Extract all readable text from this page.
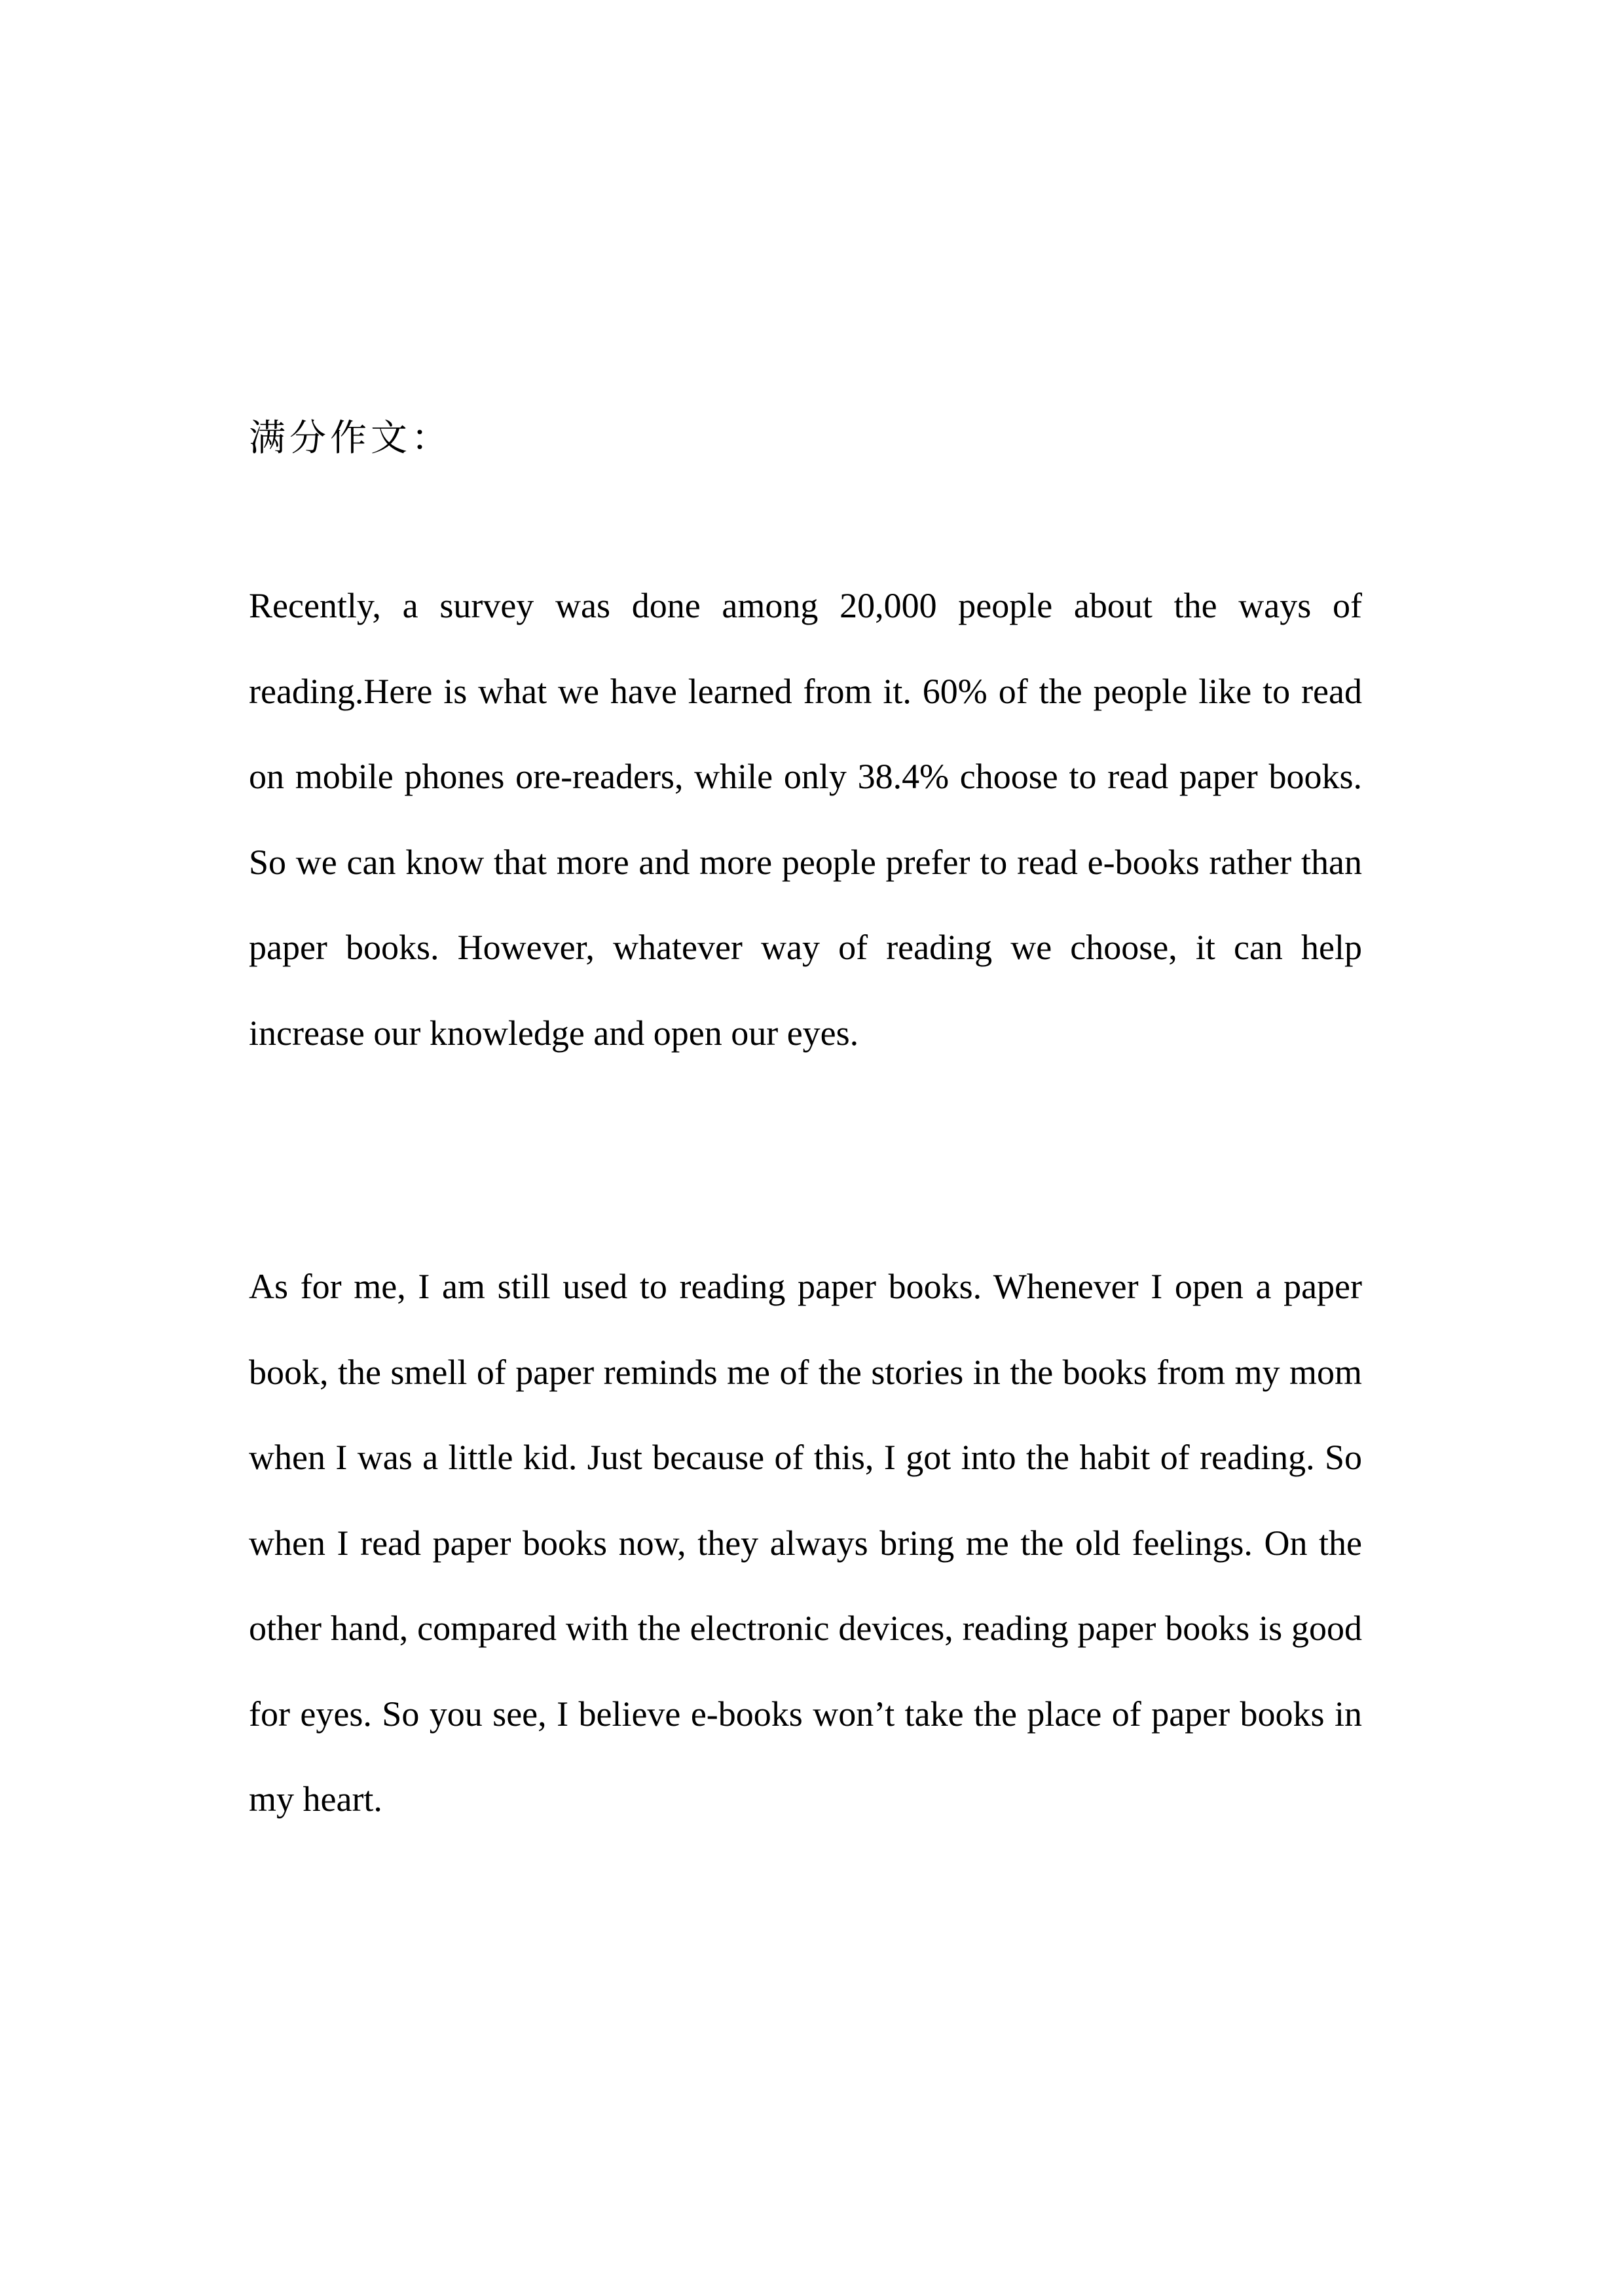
满分作文：

Recently, a survey was done among 20,000 people about the ways of reading.Here is what we have learned from it. 60% of the people like to read on mobile phones ore-readers, while only 38.4% choose to read paper books. So we can know that more and more people prefer to read e-books rather than paper books. However, whatever way of reading we choose, it can help increase our knowledge and open our eyes.

As for me, I am still used to reading paper books. Whenever I open a paper book, the smell of paper reminds me of the stories in the books from my mom when I was a little kid. Just because of this, I got into the habit of reading. So when I read paper books now, they always bring me the old feelings. On the other hand, compared with the electronic devices, reading paper books is good for eyes. So you see, I believe e-books won’t take the place of paper books in my heart.
